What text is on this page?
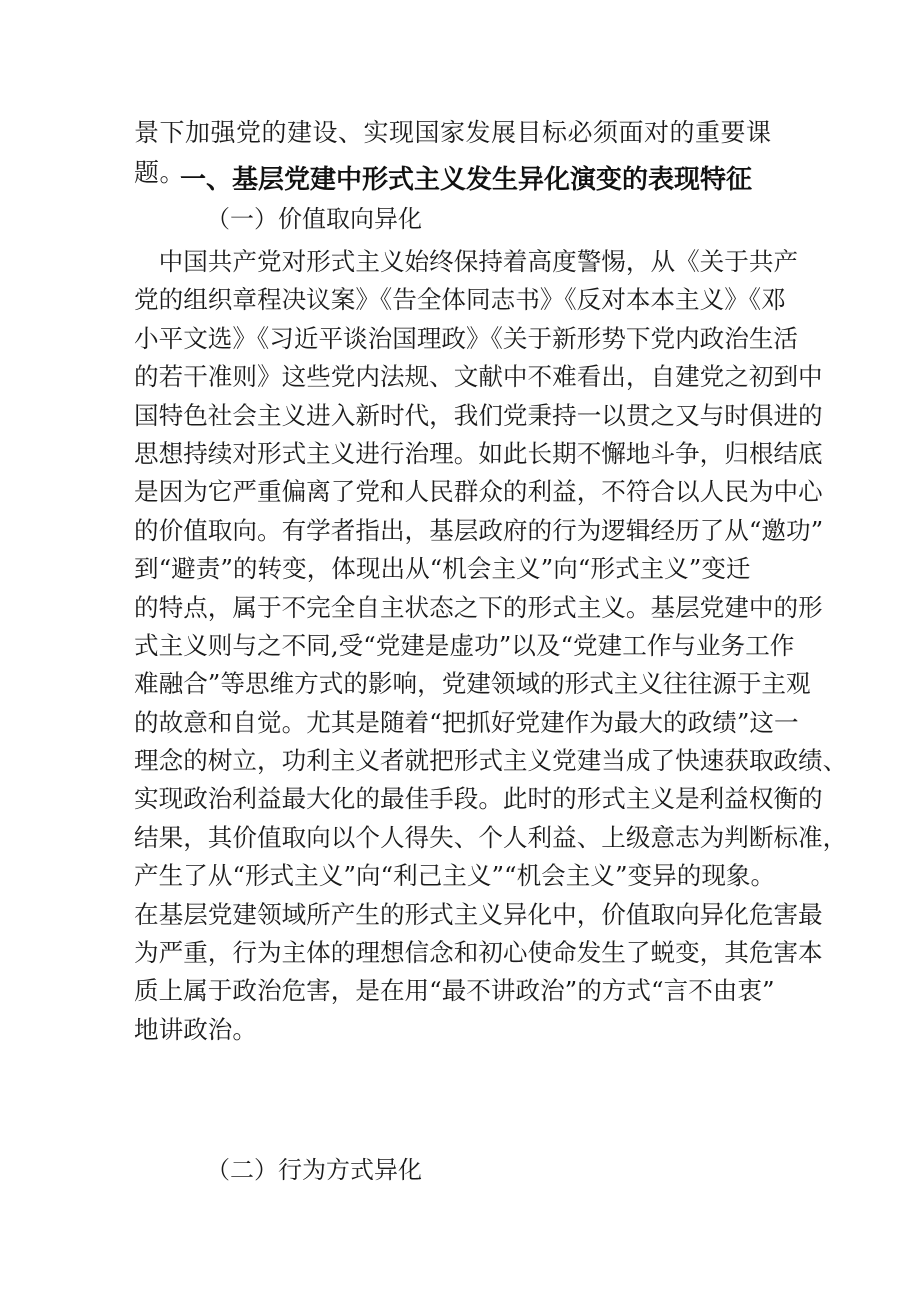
景下加强党的建设、实现国家发展目标必须面对的重要课题。
一、基层党建中形式主义发生异化演变的表现特征
（一）价值取向异化
　中国共产党对形式主义始终保持着高度警惕，从《关于共产
党的组织章程决议案》《告全体同志书》《反对本本主义》《邓
小平文选》《习近平谈治国理政》《关于新形势下党内政治生活
的若干准则》这些党内法规、文献中不难看出，自建党之初到中
国特色社会主义进入新时代，我们党秉持一以贯之又与时俱进的
思想持续对形式主义进行治理。如此长期不懈地斗争，归根结底
是因为它严重偏离了党和人民群众的利益，不符合以人民为中心
的价值取向。有学者指出，基层政府的行为逻辑经历了从“邀功”
到“避责”的转变，体现出从“机会主义”向“形式主义”变迁
的特点，属于不完全自主状态之下的形式主义。基层党建中的形
式主义则与之不同,受“党建是虚功”以及“党建工作与业务工作
难融合”等思维方式的影响，党建领域的形式主义往往源于主观
的故意和自觉。尤其是随着“把抓好党建作为最大的政绩”这一
理念的树立，功利主义者就把形式主义党建当成了快速获取政绩、
实现政治利益最大化的最佳手段。此时的形式主义是利益权衡的
结果，其价值取向以个人得失、个人利益、上级意志为判断标准，
产生了从“形式主义”向“利己主义”“机会主义”变异的现象。
在基层党建领域所产生的形式主义异化中，价值取向异化危害最
为严重，行为主体的理想信念和初心使命发生了蜕变，其危害本
质上属于政治危害，是在用“最不讲政治”的方式“言不由衷”
地讲政治。
（二）行为方式异化
